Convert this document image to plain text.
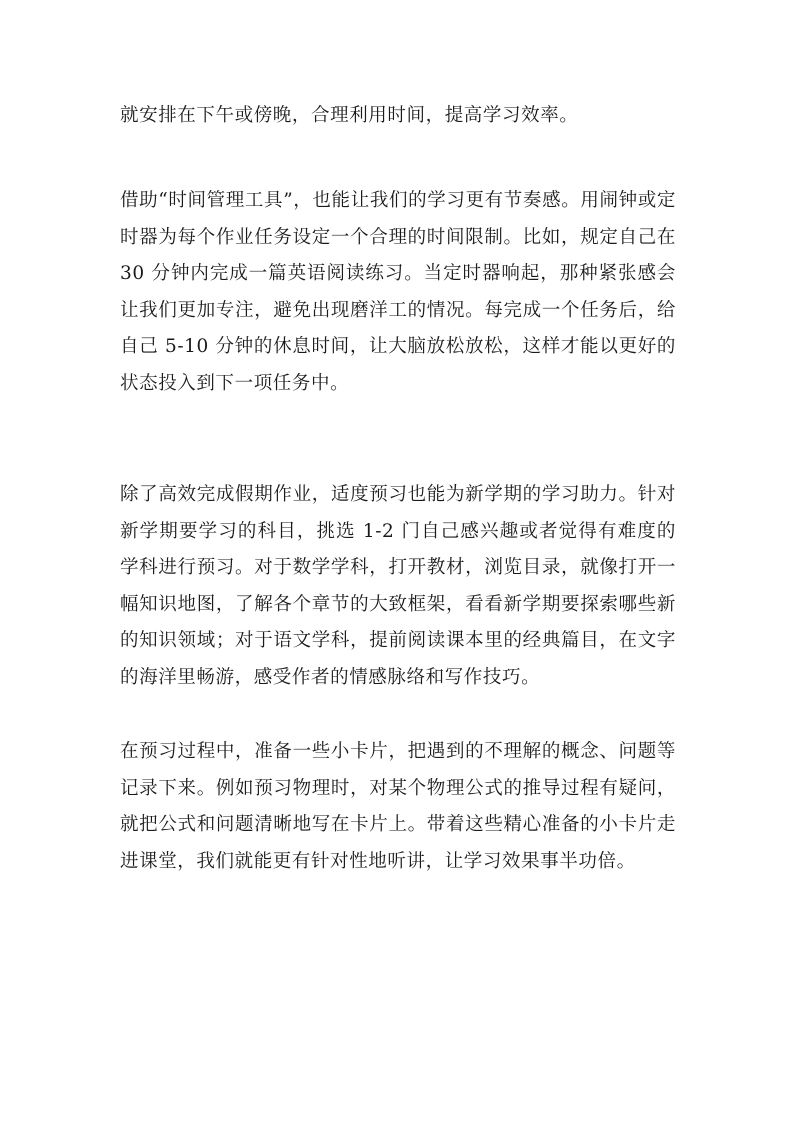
就安排在下午或傍晚，合理利用时间，提高学习效率。

借助“时间管理工具”，也能让我们的学习更有节奏感。用闹钟或定时器为每个作业任务设定一个合理的时间限制。比如，规定自己在 30 分钟内完成一篇英语阅读练习。当定时器响起，那种紧张感会让我们更加专注，避免出现磨洋工的情况。每完成一个任务后，给自己 5-10 分钟的休息时间，让大脑放松放松，这样才能以更好的状态投入到下一项任务中。

除了高效完成假期作业，适度预习也能为新学期的学习助力。针对新学期要学习的科目，挑选 1-2 门自己感兴趣或者觉得有难度的学科进行预习。对于数学学科，打开教材，浏览目录，就像打开一幅知识地图，了解各个章节的大致框架，看看新学期要探索哪些新的知识领域；对于语文学科，提前阅读课本里的经典篇目，在文字的海洋里畅游，感受作者的情感脉络和写作技巧。

在预习过程中，准备一些小卡片，把遇到的不理解的概念、问题等记录下来。例如预习物理时，对某个物理公式的推导过程有疑问，就把公式和问题清晰地写在卡片上。带着这些精心准备的小卡片走进课堂，我们就能更有针对性地听讲，让学习效果事半功倍。
